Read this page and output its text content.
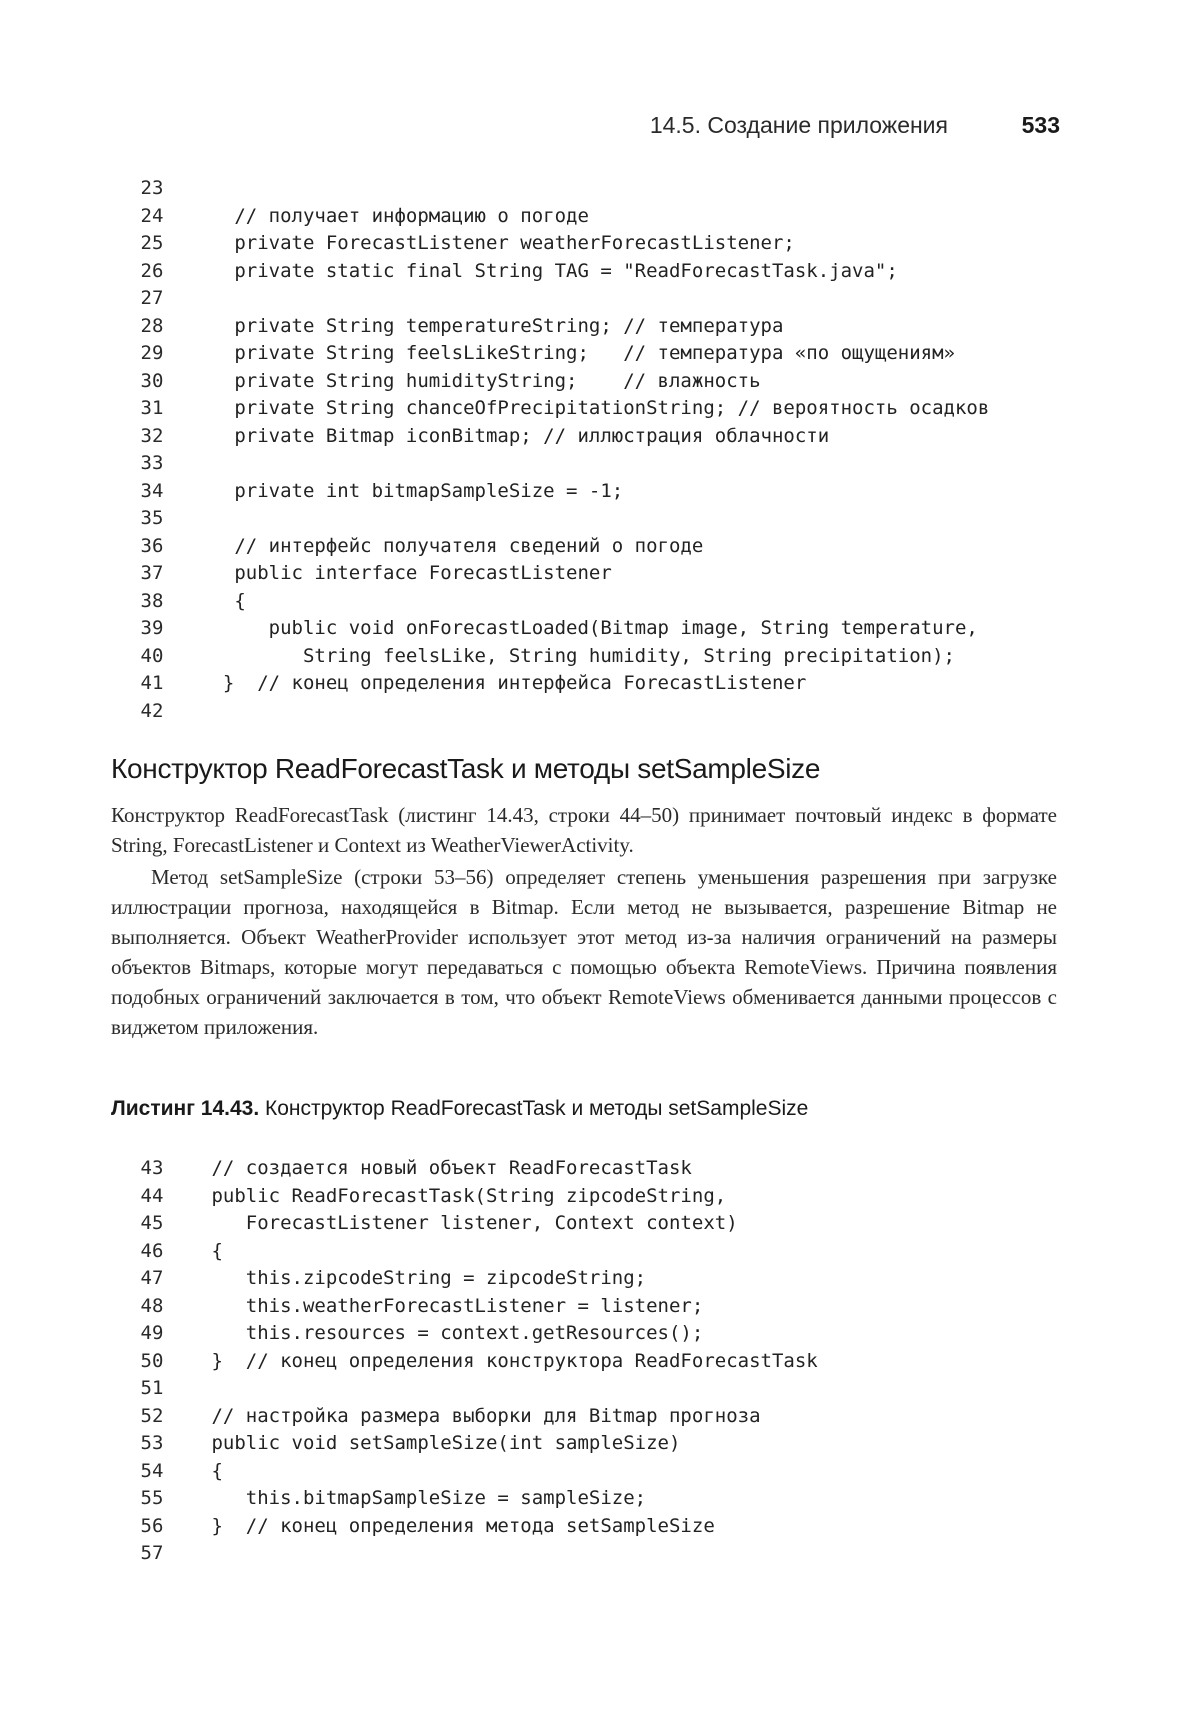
14.5. Создание приложения	533
23
24	// получает информацию о погоде
25	private ForecastListener weatherForecastListener;
26	private static final String TAG = "ReadForecastTask.java";
27
28	private String temperatureString; // температура
29	private String feelsLikeString;   // температура «по ощущениям»
30	private String humidityString;    // влажность
31	private String chanceOfPrecipitationString; // вероятность осадков
32	private Bitmap iconBitmap; // иллюстрация облачности
33
34	private int bitmapSampleSize = -1;
35
36	// интерфейс получателя сведений о погоде
37	public interface ForecastListener
38	{
39	public void onForecastLoaded(Bitmap image, String temperature,
40	String feelsLike, String humidity, String precipitation);
41	}  // конец определения интерфейса ForecastListener
42
Конструктор ReadForecastTask и методы setSampleSize

Конструктор ReadForecastTask (листинг 14.43, строки 44–50) принимает почтовый индекс в формате String, ForecastListener и Context из WeatherViewerActivity.

Метод setSampleSize (строки 53–56) определяет степень уменьшения разрешения при загрузке иллюстрации прогноза, находящейся в Bitmap. Если метод не вызывается, разрешение Bitmap не выполняется. Объект WeatherProvider использует этот метод из-за наличия ограничений на размеры объектов Bitmaps, которые могут передаваться с помощью объекта RemoteViews. Причина появления подобных ограничений заключается в том, что объект RemoteViews обменивается данными процессов с виджетом приложения.

Листинг 14.43. Конструктор ReadForecastTask и методы setSampleSize
43	// создается новый объект ReadForecastTask
44	public ReadForecastTask(String zipcodeString,
45	ForecastListener listener, Context context)
46	{
47	this.zipcodeString = zipcodeString;
48	this.weatherForecastListener = listener;
49	this.resources = context.getResources();
50	}  // конец определения конструктора ReadForecastTask
51
52	// настройка размера выборки для Bitmap прогноза
53	public void setSampleSize(int sampleSize)
54	{
55	this.bitmapSampleSize = sampleSize;
56	}  // конец определения метода setSampleSize
57
